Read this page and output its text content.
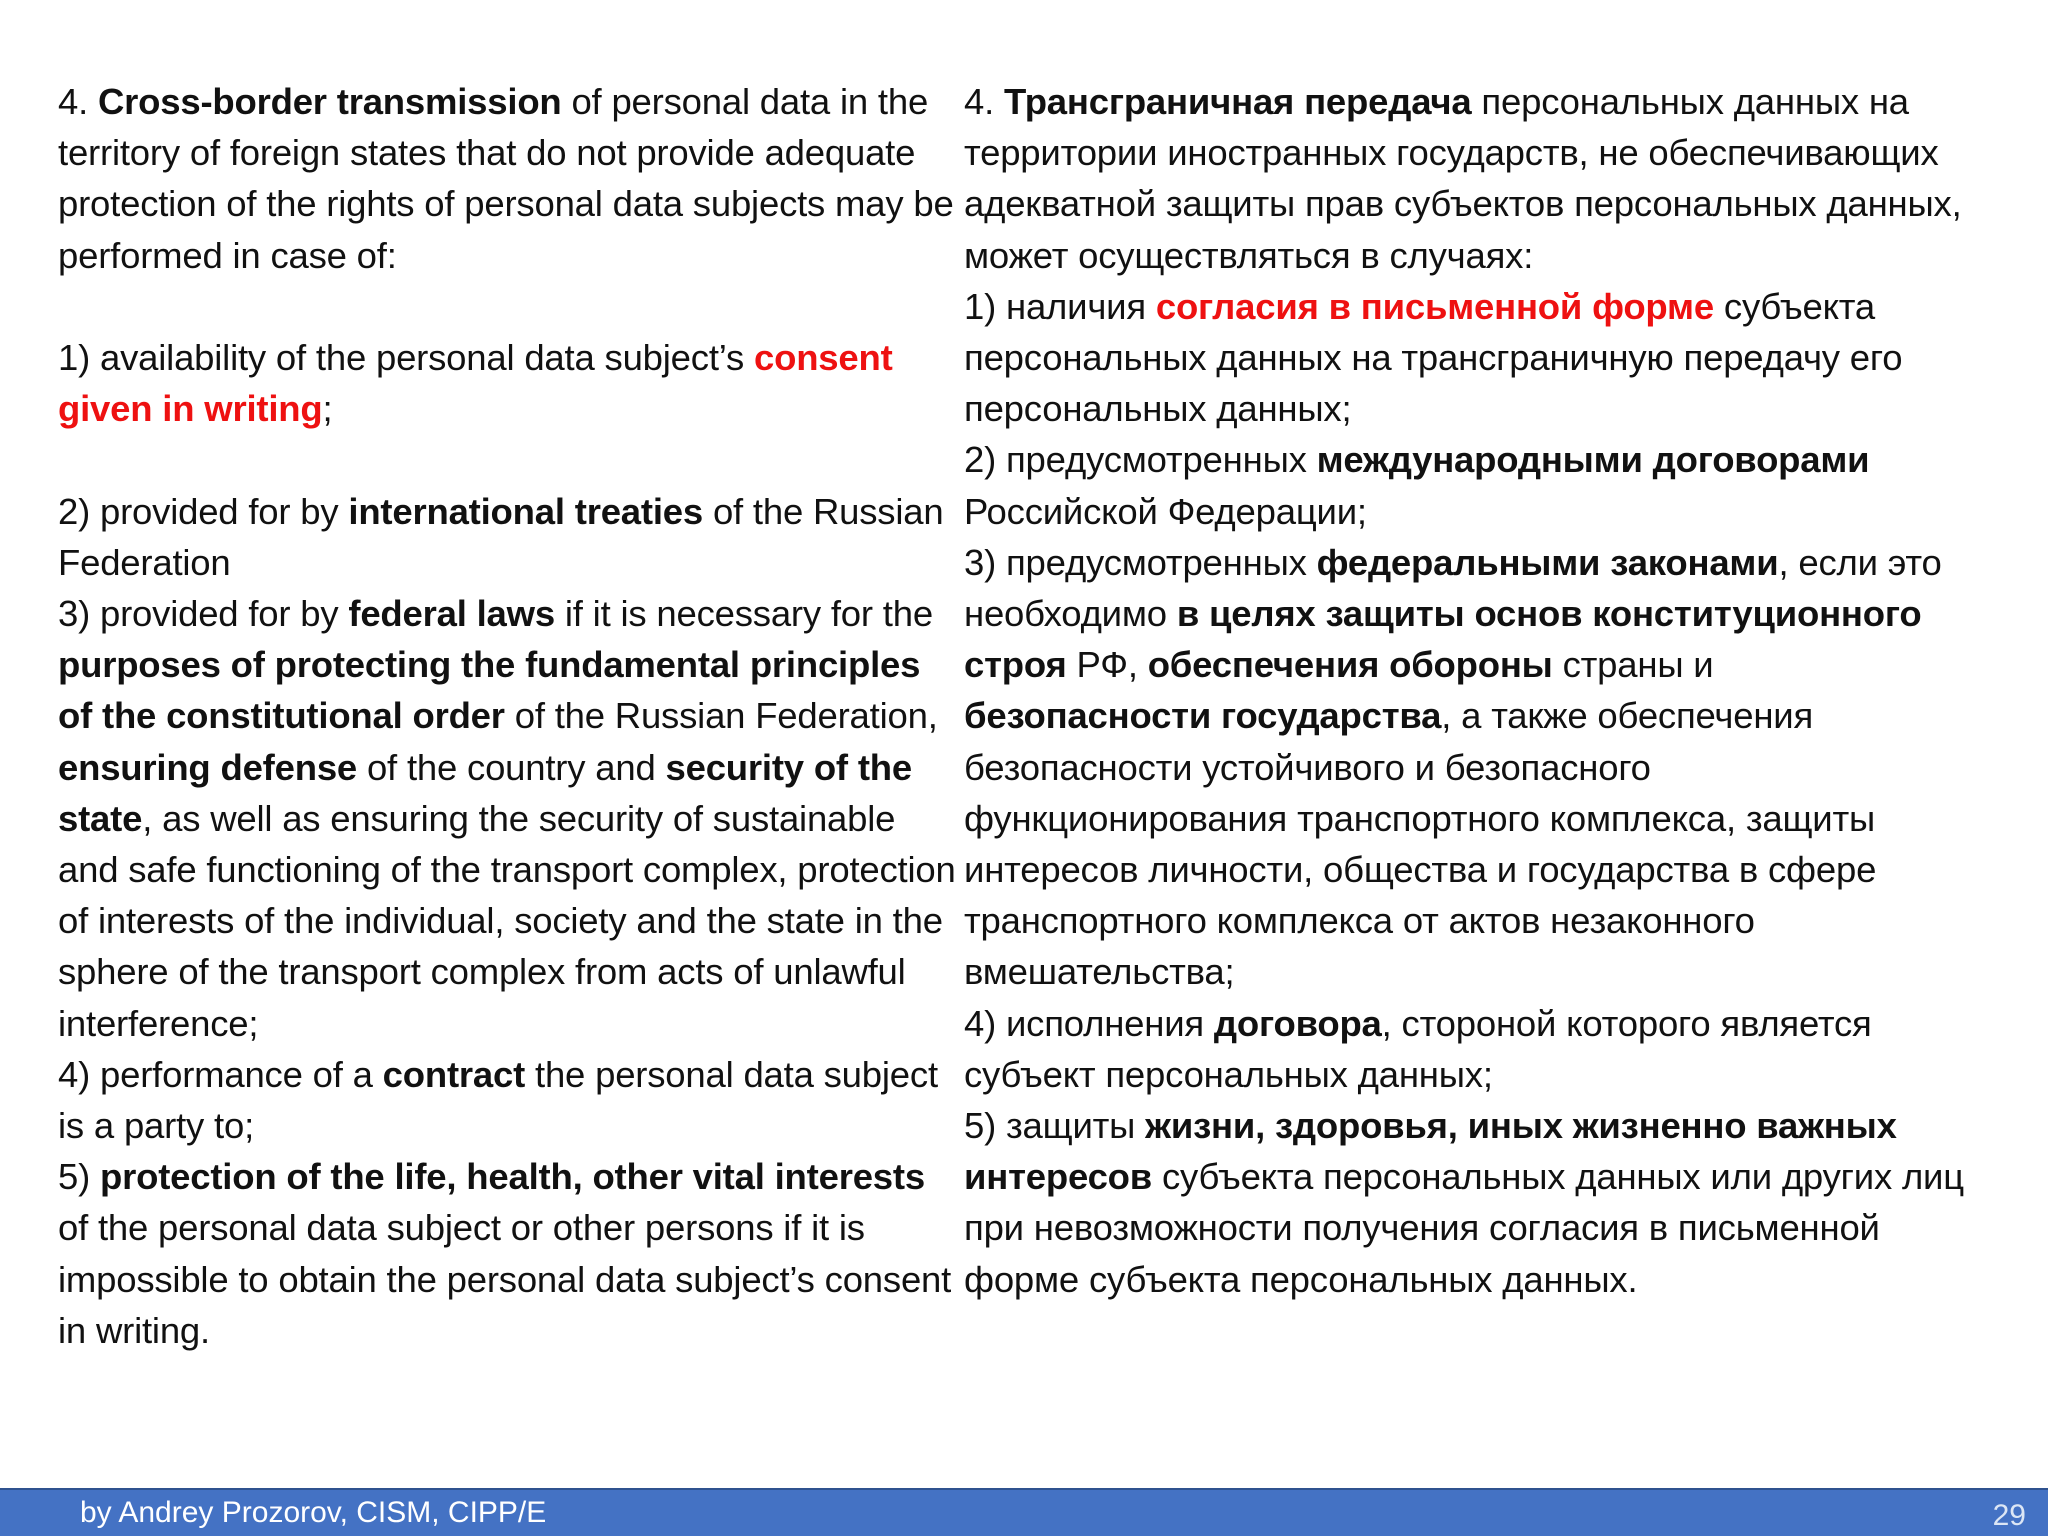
4. Cross-border transmission of personal data in the territory of foreign states that do not provide adequate protection of the rights of personal data subjects may be performed in case of:

1) availability of the personal data subject’s consent given in writing;

2) provided for by international treaties of the Russian Federation

3) provided for by federal laws if it is necessary for the purposes of protecting the fundamental principles of the constitutional order of the Russian Federation, ensuring defense of the country and security of the state, as well as ensuring the security of sustainable and safe functioning of the transport complex, protection of interests of the individual, society and the state in the sphere of the transport complex from acts of unlawful interference;

4) performance of a contract the personal data subject is a party to;

5) protection of the life, health, other vital interests of the personal data subject or other persons if it is impossible to obtain the personal data subject’s consent in writing.

4. Трансграничная передача персональных данных на территории иностранных государств, не обеспечивающих адекватной защиты прав субъектов персональных данных, может осуществляться в случаях:

1) наличия согласия в письменной форме субъекта персональных данных на трансграничную передачу его персональных данных;

2) предусмотренных международными договорами Российской Федерации;

3) предусмотренных федеральными законами, если это необходимо в целях защиты основ конституционного строя РФ, обеспечения обороны страны и безопасности государства, а также обеспечения безопасности устойчивого и безопасного функционирования транспортного комплекса, защиты интересов личности, общества и государства в сфере транспортного комплекса от актов незаконного вмешательства;

4) исполнения договора, стороной которого является субъект персональных данных;

5) защиты жизни, здоровья, иных жизненно важных интересов субъекта персональных данных или других лиц при невозможности получения согласия в письменной форме субъекта персональных данных.

by Andrey Prozorov, CISM, CIPP/E	29
